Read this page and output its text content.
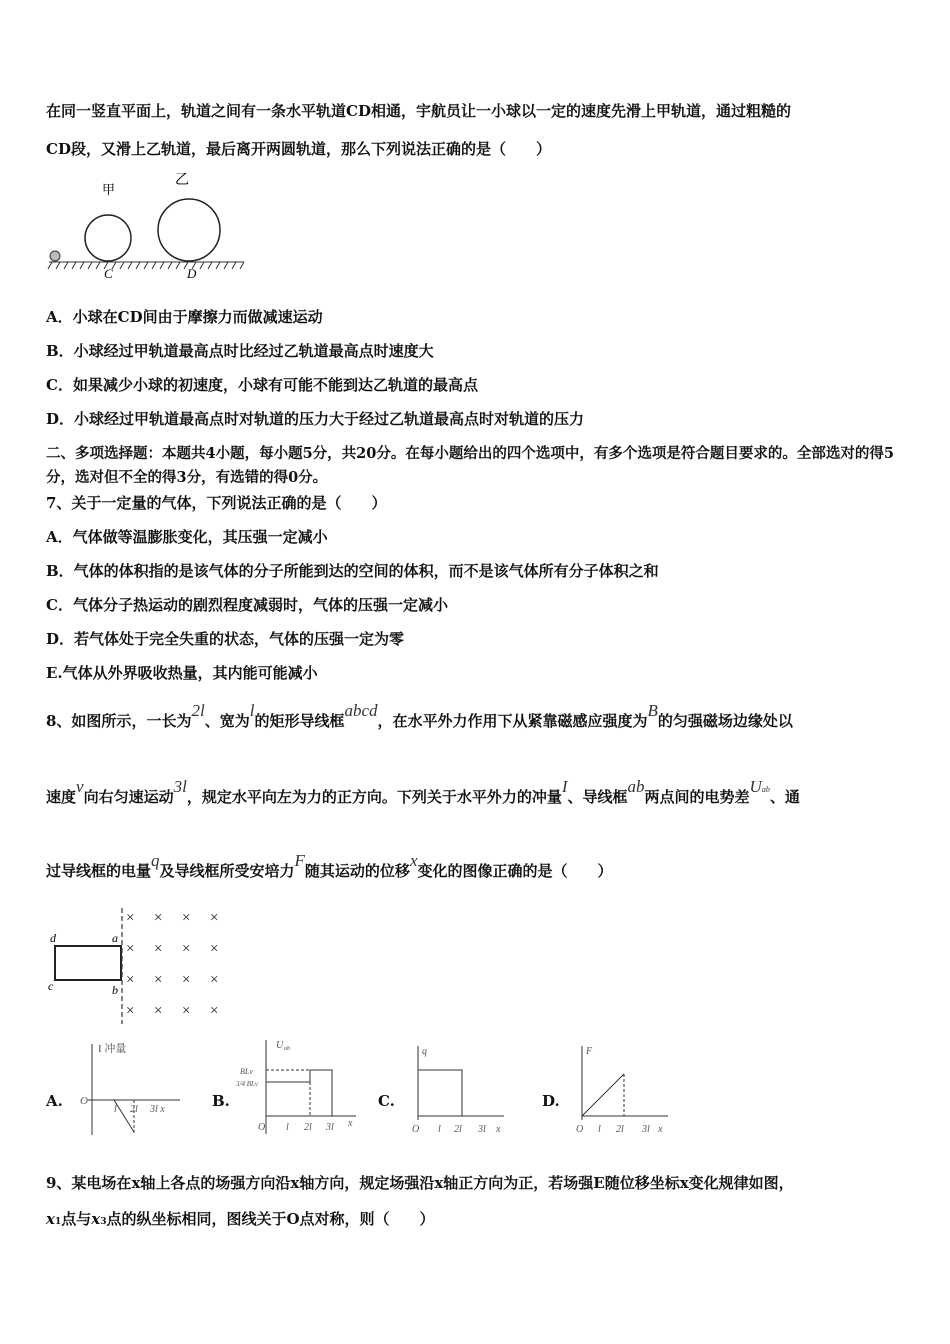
在同一竖直平面上，轨道之间有一条水平轨道CD相通，宇航员让一小球以一定的速度先滑上甲轨道，通过粗糙的
CD段，又滑上乙轨道，最后离开两圆轨道，那么下列说法正确的是（　　）
甲
乙
C	D
A．小球在CD间由于摩擦力而做减速运动
B．小球经过甲轨道最高点时比经过乙轨道最高点时速度大
C．如果减少小球的初速度，小球有可能不能到达乙轨道的最高点
D．小球经过甲轨道最高点时对轨道的压力大于经过乙轨道最高点时对轨道的压力
二、多项选择题：本题共4小题，每小题5分，共20分。在每小题给出的四个选项中，有多个选项是符合题目要求的。全部选对的得5分，选对但不全的得3分，有选错的得0分。
7、关于一定量的气体，下列说法正确的是（　　）
A．气体做等温膨胀变化，其压强一定减小
B．气体的体积指的是该气体的分子所能到达的空间的体积，而不是该气体所有分子体积之和
C．气体分子热运动的剧烈程度减弱时，气体的压强一定减小
D．若气体处于完全失重的状态，气体的压强一定为零
E.气体从外界吸收热量，其内能可能减小
8、如图所示，一长为2l、宽为l的矩形导线框abcd，在水平外力作用下从紧靠磁感应强度为B的匀强磁场边缘处以
速度v向右匀速运动3l，规定水平向左为力的正方向。下列关于水平外力的冲量I、导线框ab两点间的电势差$U^{ab}$、通
过导线框的电量q及导线框所受安培力F随其运动的位移x变化的图像正确的是（　　）
d	a
c	b
× × × ×
× × × ×
× × × ×
× × × ×
A.
I 冲量
O
l 2l 3l x	B.
U ab
BLv
3/4 BLv
O l 2l 3l x
C.
q
O l 2l 3l x
D.
F
O l 2l 3l x
9、某电场在x轴上各点的场强方向沿x轴方向，规定场强沿x轴正方向为正，若场强E随位移坐标x变化规律如图，
x1点与x3点的纵坐标相同，图线关于O点对称，则（　　）
